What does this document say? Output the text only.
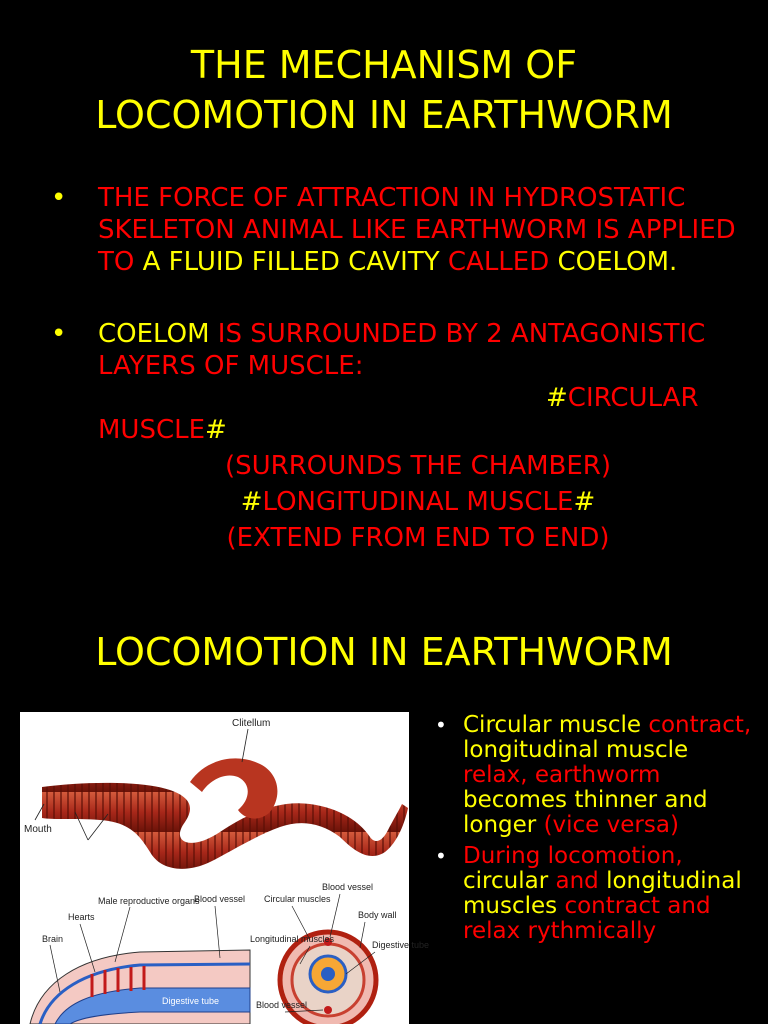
THE MECHANISM OF
LOCOMOTION IN EARTHWORM
• THE FORCE OF ATTRACTION IN HYDROSTATIC SKELETON ANIMAL LIKE EARTHWORM IS APPLIED TO A FLUID FILLED CAVITY CALLED COELOM.
• COELOM IS SURROUNDED BY 2 ANTAGONISTIC LAYERS OF MUSCLE:
#CIRCULAR
MUSCLE#
(SURROUNDS THE CHAMBER)
#LONGITUDINAL MUSCLE#
(EXTEND FROM END TO END)
LOCOMOTION IN EARTHWORM
Clitellum
Mouth
Digestive tube
Male reproductive organs
Blood vessel
Hearts
Brain
Circular muscles
Blood vessel
Body wall
Longitudinal muscles
Digestive tube
Blood vessel
• Circular muscle contract, longitudinal muscle relax, earthworm becomes thinner and longer (vice versa)
• During locomotion, circular and longitudinal muscles contract and relax rythmically
